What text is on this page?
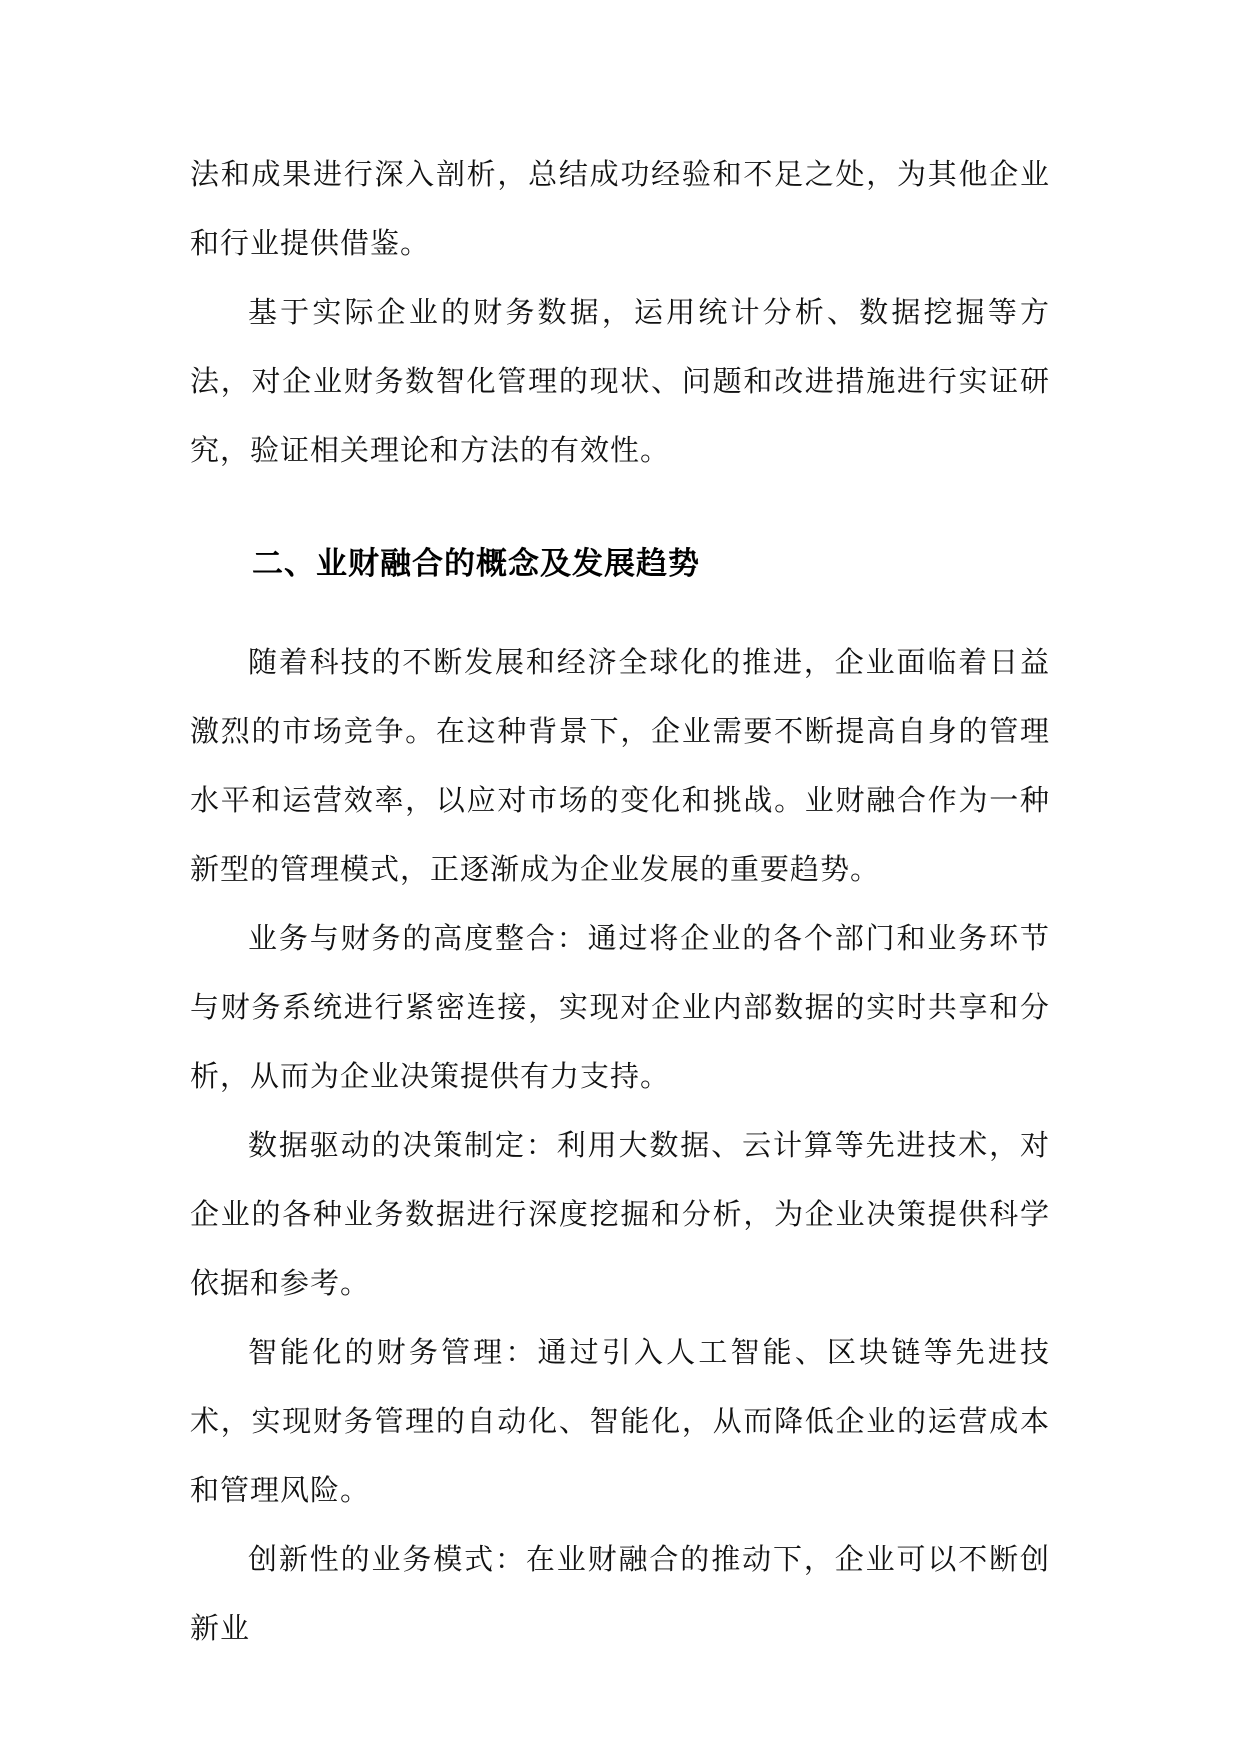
法和成果进行深入剖析，总结成功经验和不足之处，为其他企业和行业提供借鉴。

基于实际企业的财务数据，运用统计分析、数据挖掘等方法，对企业财务数智化管理的现状、问题和改进措施进行实证研究，验证相关理论和方法的有效性。

二、业财融合的概念及发展趋势

随着科技的不断发展和经济全球化的推进，企业面临着日益激烈的市场竞争。在这种背景下，企业需要不断提高自身的管理水平和运营效率，以应对市场的变化和挑战。业财融合作为一种新型的管理模式，正逐渐成为企业发展的重要趋势。

业务与财务的高度整合：通过将企业的各个部门和业务环节与财务系统进行紧密连接，实现对企业内部数据的实时共享和分析，从而为企业决策提供有力支持。

数据驱动的决策制定：利用大数据、云计算等先进技术，对企业的各种业务数据进行深度挖掘和分析，为企业决策提供科学依据和参考。

智能化的财务管理：通过引入人工智能、区块链等先进技术，实现财务管理的自动化、智能化，从而降低企业的运营成本和管理风险。

创新性的业务模式：在业财融合的推动下，企业可以不断创新业
